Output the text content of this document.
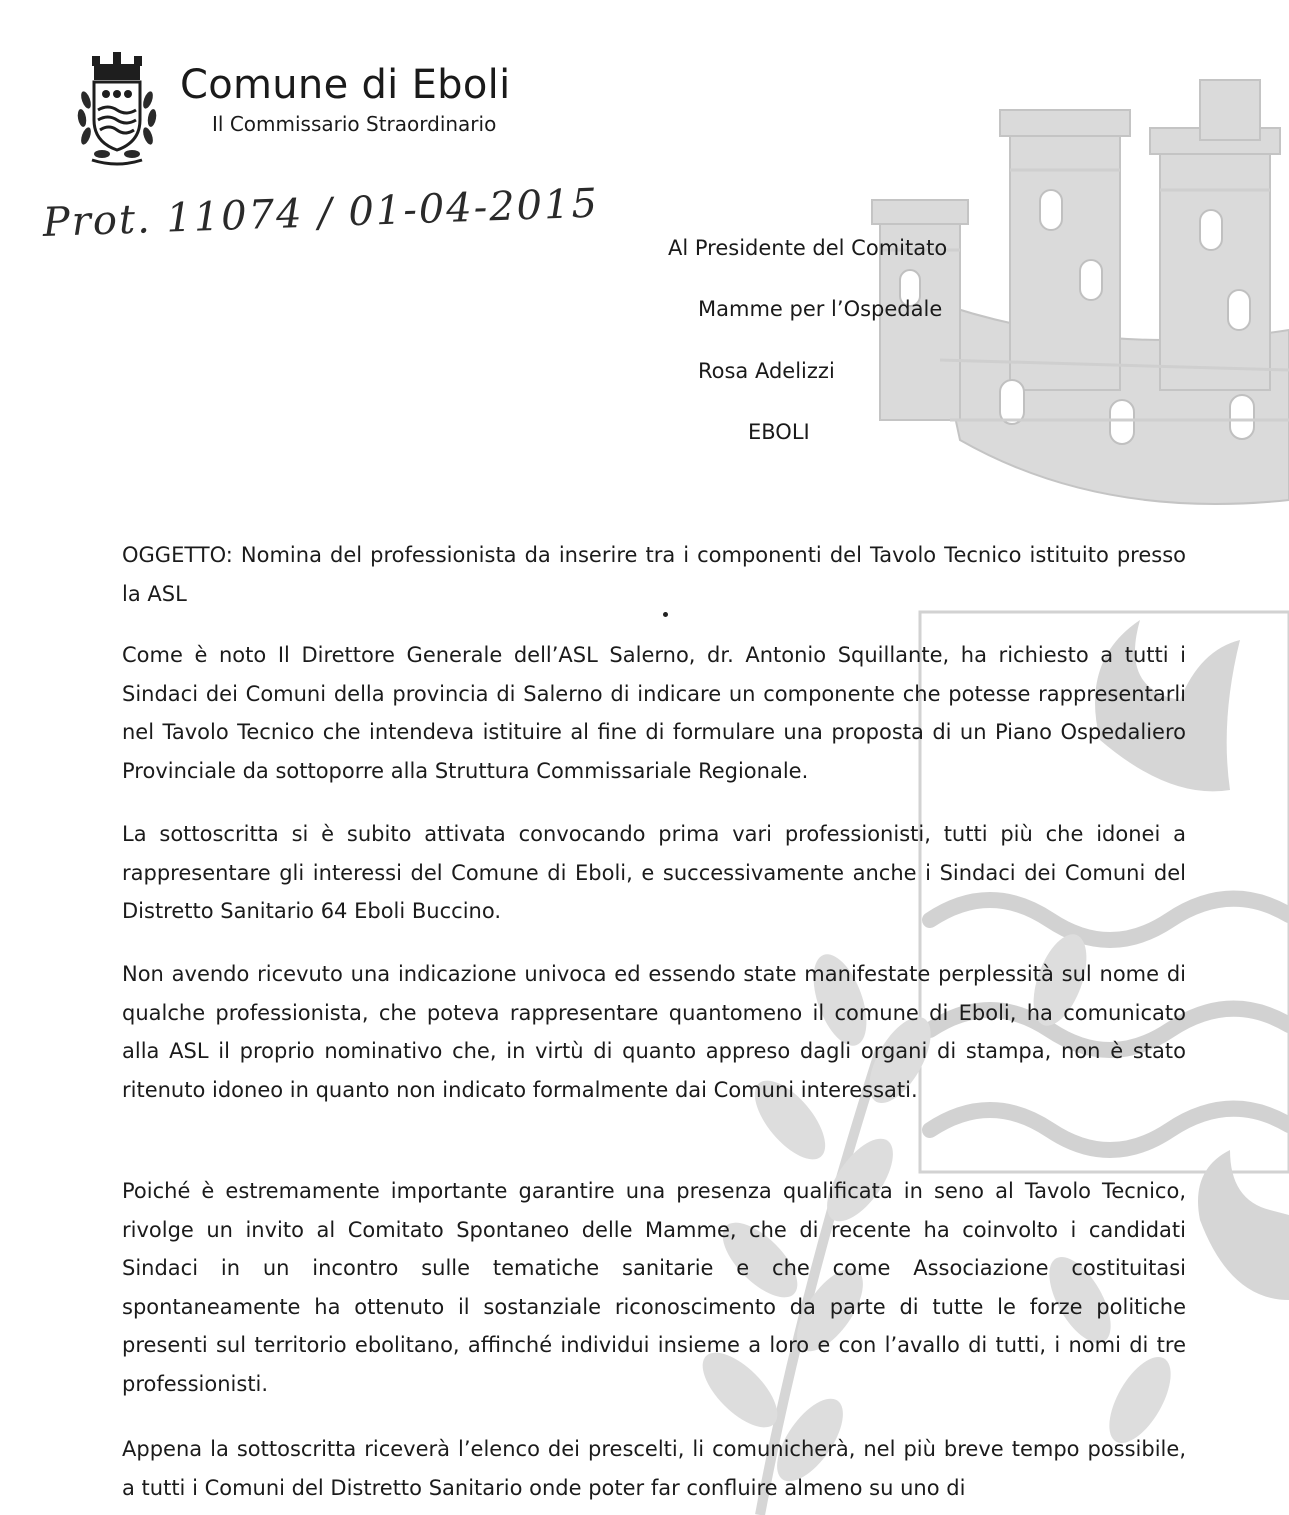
Comune di Eboli
Il Commissario Straordinario
Prot. 11074 / 01-04-2015
Al Presidente del Comitato
Mamme per l’Ospedale
Rosa Adelizzi
EBOLI

OGGETTO: Nomina del professionista da inserire tra i componenti del Tavolo Tecnico istituito presso la ASL

Come è noto Il Direttore Generale dell’ASL Salerno, dr. Antonio Squillante, ha richiesto a tutti i Sindaci dei Comuni della provincia di Salerno di indicare un componente che potesse rappresentarli nel Tavolo Tecnico che intendeva istituire al fine di formulare una proposta di un Piano Ospedaliero Provinciale da sottoporre alla Struttura Commissariale Regionale.

La sottoscritta si è subito attivata convocando prima vari professionisti, tutti più che idonei a rappresentare gli interessi del Comune di Eboli, e successivamente anche i Sindaci dei Comuni del Distretto Sanitario 64 Eboli Buccino.

Non avendo ricevuto una indicazione univoca ed essendo state manifestate perplessità sul nome di qualche professionista, che poteva rappresentare quantomeno il comune di Eboli, ha comunicato alla ASL il proprio nominativo che, in virtù di quanto appreso dagli organi di stampa, non è stato ritenuto idoneo in quanto non indicato formalmente dai Comuni interessati.

Poiché è estremamente importante garantire una presenza qualificata in seno al Tavolo Tecnico, rivolge un invito al Comitato Spontaneo delle Mamme, che di recente ha coinvolto i candidati Sindaci in un incontro sulle tematiche sanitarie e che come Associazione costituitasi spontaneamente ha ottenuto il sostanziale riconoscimento da parte di tutte le forze politiche presenti sul territorio ebolitano, affinché individui insieme a loro e con l’avallo di tutti, i nomi di tre professionisti.

Appena la sottoscritta riceverà l’elenco dei prescelti, li comunicherà, nel più breve tempo possibile, a tutti i Comuni del Distretto Sanitario onde poter far confluire almeno su uno di
